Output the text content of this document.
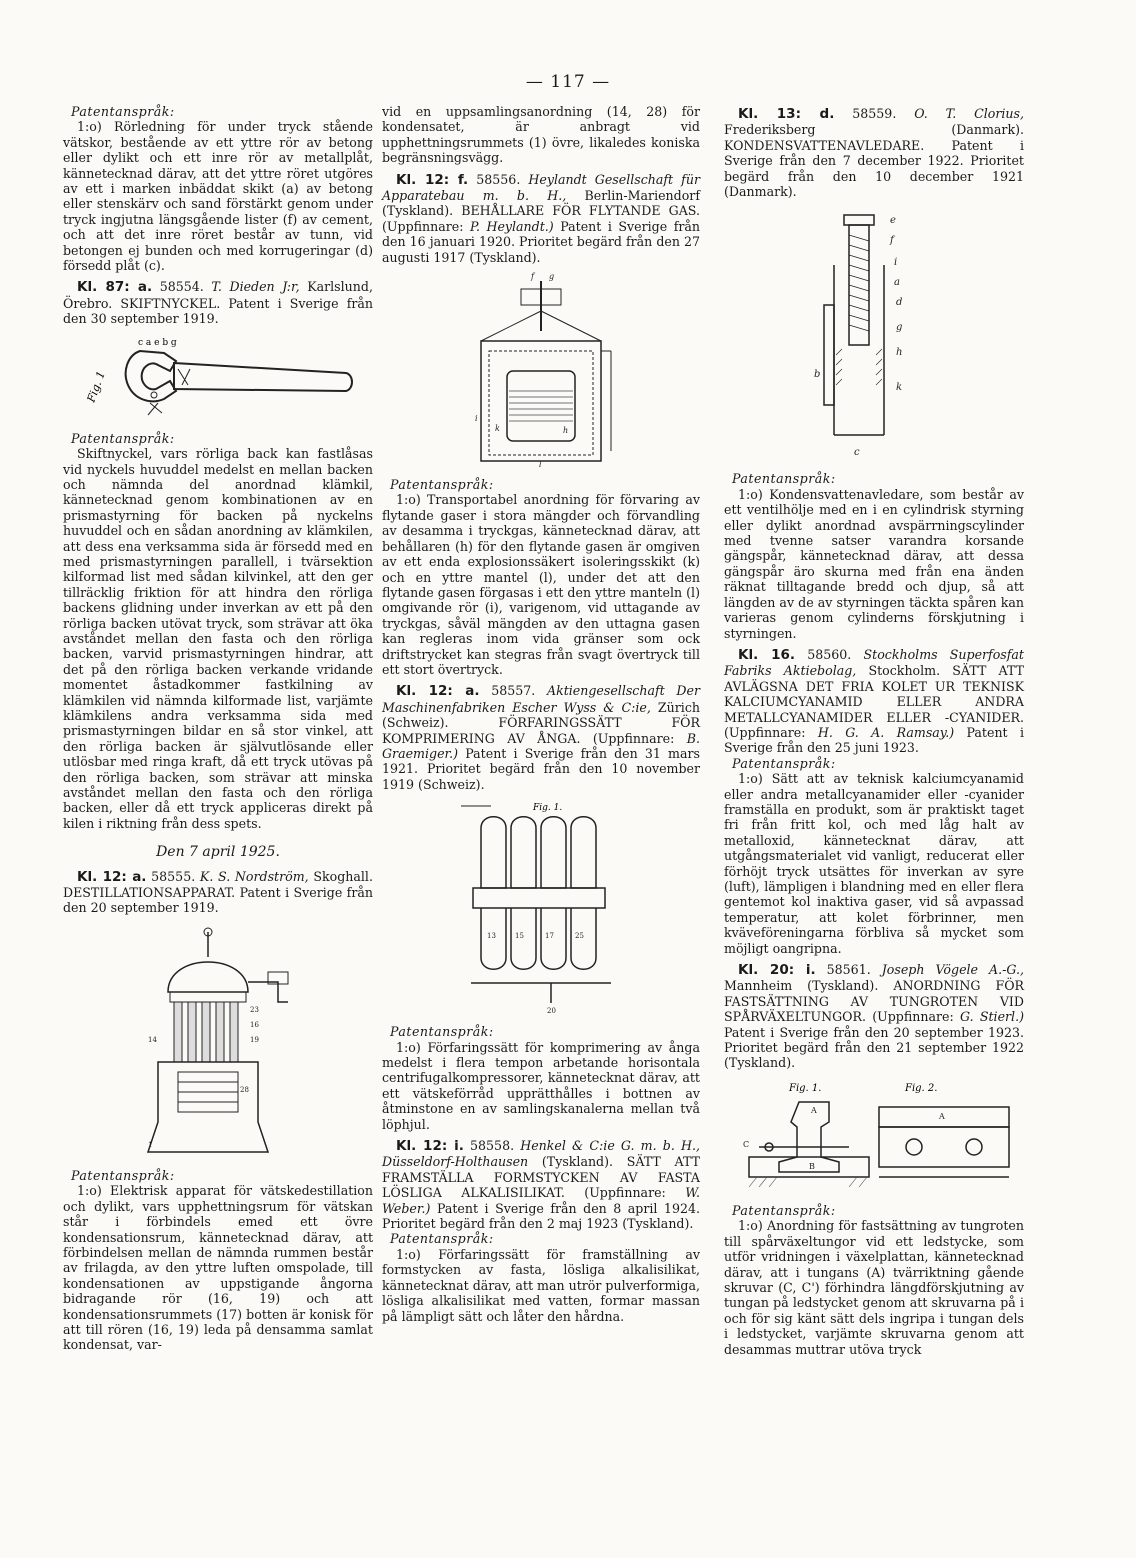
— 117 —

Patentanspråk:

1:o) Rörledning för under tryck stående vätskor, bestående av ett yttre rör av betong eller dylikt och ett inre rör av metallplåt, kännetecknad därav, att det yttre röret utgöres av ett i marken inbäddat skikt (a) av betong eller stenskärv och sand förstärkt genom under tryck ingjutna längsgående lister (f) av cement, och att det inre röret består av tunn, vid betongen ej bunden och med korrugeringar (d) försedd plåt (c).

Kl. 87: a. 58554. T. Dieden J:r, Karlslund, Örebro. SKIFTNYCKEL. Patent i Sverige från den 30 september 1919.

Fig. 1
c a e b g

Patentanspråk:

Skiftnyckel, vars rörliga back kan fastlåsas vid nyckels huvuddel medelst en mellan backen och nämnda del anordnad klämkil, kännetecknad genom kombinationen av en prismastyrning för backen på nyckelns huvuddel och en sådan anordning av klämkilen, att dess ena verksamma sida är försedd med en med prismastyrningen parallell, i tvärsektion kilformad list med sådan kilvinkel, att den ger tillräcklig friktion för att hindra den rörliga backens glidning under inverkan av ett på den rörliga backen utövat tryck, som strävar att öka avståndet mellan den fasta och den rörliga backen, varvid prismastyrningen hindrar, att det på den rörliga backen verkande vridande momentet åstadkommer fastkilning av klämkilen vid nämnda kilformade list, varjämte klämkilens andra verksamma sida med prismastyrningen bildar en så stor vinkel, att den rörliga backen är självutlösande eller utlösbar med ringa kraft, då ett tryck utövas på den rörliga backen, som strävar att minska avståndet mellan den fasta och den rörliga backen, eller då ett tryck appliceras direkt på kilen i riktning från dess spets.

Den 7 april 1925.

Kl. 12: a. 58555. K. S. Nordström, Skoghall. DESTILLATIONSAPPARAT. Patent i Sverige från den 20 september 1919.

23
16
19
14
28
1

Patentanspråk:

1:o) Elektrisk apparat för vätskedestillation och dylikt, vars upphettningsrum för vätskan står i förbindels emed ett övre kondensationsrum, kännetecknad därav, att förbindelsen mellan de nämnda rummen består av frilagda, av den yttre luften omspolade, till kondensationen av uppstigande ångorna bidragande rör (16, 19) och att kondensationsrummets (17) botten är konisk för att till rören (16, 19) leda på densamma samlat kondensat, var-

vid en uppsamlingsanordning (14, 28) för kondensatet, är anbragt vid upphettningsrummets (1) övre, likaledes koniska begränsningsvägg.

Kl. 12: f. 58556. Heylandt Gesellschaft für Apparatebau m. b. H., Berlin-Mariendorf (Tyskland). BEHÅLLARE FÖR FLYTANDE GAS. (Uppfinnare: P. Heylandt.) Patent i Sverige från den 16 januari 1920. Prioritet begärd från den 27 augusti 1917 (Tyskland).

f g
i
k	h
l

Patentanspråk:

1:o) Transportabel anordning för förvaring av flytande gaser i stora mängder och förvandling av desamma i tryckgas, kännetecknad därav, att behållaren (h) för den flytande gasen är omgiven av ett enda explosionssäkert isoleringsskikt (k) och en yttre mantel (l), under det att den flytande gasen förgasas i ett den yttre manteln (l) omgivande rör (i), varigenom, vid uttagande av tryckgas, såväl mängden av den uttagna gasen kan regleras inom vida gränser som ock driftstrycket kan stegras från svagt övertryck till ett stort övertryck.

Kl. 12: a. 58557. Aktiengesellschaft Der Maschinenfabriken Escher Wyss & C:ie, Zürich (Schweiz). FÖRFARINGSSÄTT FÖR KOMPRIMERING AV ÅNGA. (Uppfinnare: B. Graemiger.) Patent i Sverige från den 31 mars 1921. Prioritet begärd från den 10 november 1919 (Schweiz).

Fig. 1.
13	15	17	25
20

Patentanspråk:

1:o) Förfaringssätt för komprimering av ånga medelst i flera tempon arbetande horisontala centrifugalkompressorer, kännetecknat därav, att ett vätskeförråd upprätthålles i bottnen av åtminstone en av samlingskanalerna mellan två löphjul.

Kl. 12: i. 58558. Henkel & C:ie G. m. b. H., Düsseldorf-Holthausen (Tyskland). SÄTT ATT FRAMSTÄLLA FORMSTYCKEN AV FASTA LÖSLIGA ALKALISILIKAT. (Uppfinnare: W. Weber.) Patent i Sverige från den 8 april 1924. Prioritet begärd från den 2 maj 1923 (Tyskland).

Patentanspråk:

1:o) Förfaringssätt för framställning av formstycken av fasta, lösliga alkalisilikat, kännetecknat därav, att man utrör pulverformiga, lösliga alkalisilikat med vatten, formar massan på lämpligt sätt och låter den hårdna.

Kl. 13: d. 58559. O. T. Clorius, Frederiksberg (Danmark). KONDENSVATTENAVLEDARE. Patent i Sverige från den 7 december 1922. Prioritet begärd från den 10 december 1921 (Danmark).

e
f
i
a
d
g
h
b
k
c

Patentanspråk:

1:o) Kondensvattenavledare, som består av ett ventilhölje med en i en cylindrisk styrning eller dylikt anordnad avspärrningscylinder med tvenne satser varandra korsande gängspår, kännetecknad därav, att dessa gängspår äro skurna med från ena änden räknat tilltagande bredd och djup, så att längden av de av styrningen täckta spåren kan varieras genom cylinderns förskjutning i styrningen.

Kl. 16. 58560. Stockholms Superfosfat Fabriks Aktiebolag, Stockholm. SÄTT ATT AVLÄGSNA DET FRIA KOLET UR TEKNISK KALCIUMCYANAMID ELLER ANDRA METALLCYANAMIDER ELLER -CYANIDER. (Uppfinnare: H. G. A. Ramsay.) Patent i Sverige från den 25 juni 1923.

Patentanspråk:

1:o) Sätt att av teknisk kalciumcyanamid eller andra metallcyanamider eller -cyanider framställa en produkt, som är praktiskt taget fri från fritt kol, och med låg halt av metalloxid, kännetecknat därav, att utgångsmaterialet vid vanligt, reducerat eller förhöjt tryck utsättes för inverkan av syre (luft), lämpligen i blandning med en eller flera gentemot kol inaktiva gaser, vid så avpassad temperatur, att kolet förbrinner, men kväveföreningarna förbliva så mycket som möjligt oangripna.

Kl. 20: i. 58561. Joseph Vögele A.-G., Mannheim (Tyskland). ANORDNING FÖR FASTSÄTTNING AV TUNGROTEN VID SPÅRVÄXELTUNGOR. (Uppfinnare: G. Stierl.) Patent i Sverige från den 20 september 1923. Prioritet begärd från den 21 september 1922 (Tyskland).

Fig. 1.	Fig. 2.
A
A
B
C

Patentanspråk:

1:o) Anordning för fastsättning av tungroten till spårväxeltungor vid ett ledstycke, som utför vridningen i växelplattan, kännetecknad därav, att i tungans (A) tvärriktning gående skruvar (C, C') förhindra längdförskjutning av tungan på ledstycket genom att skruvarna på i och för sig känt sätt dels ingripa i tungan dels i ledstycket, varjämte skruvarna genom att desammas muttrar utöva tryck
